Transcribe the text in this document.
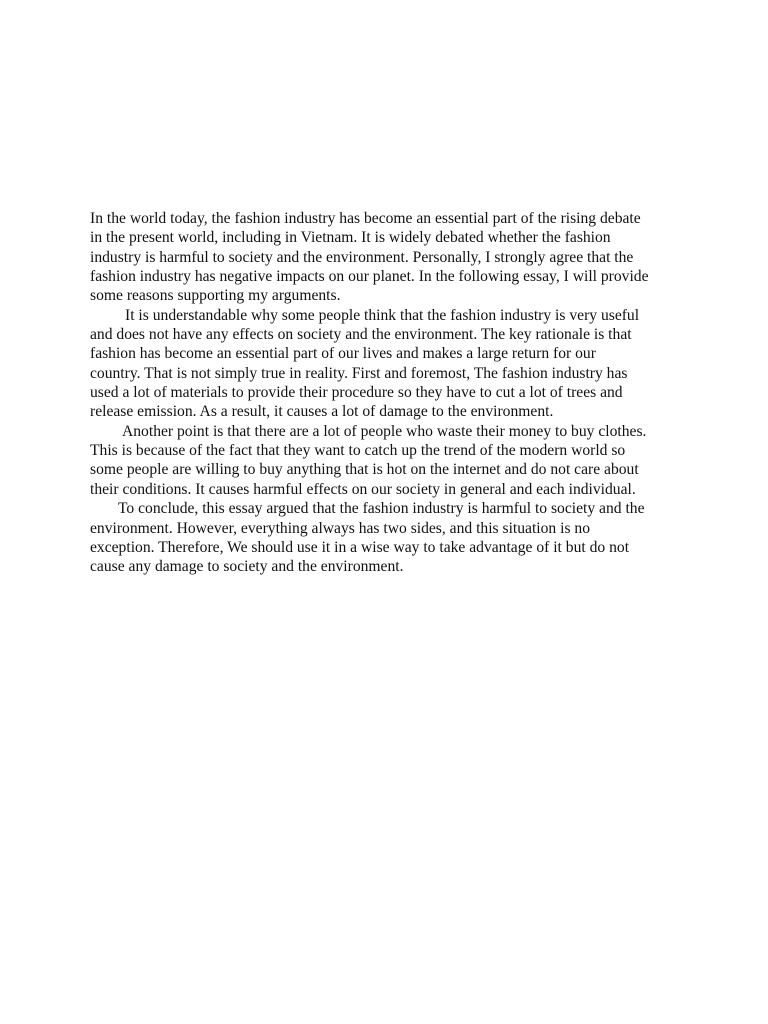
In the world today, the fashion industry has become an essential part of the rising debate
in the present world, including in Vietnam. It is widely debated whether the fashion
industry is harmful to society and the environment. Personally, I strongly agree that the
fashion industry has negative impacts on our planet. In the following essay, I will provide
some reasons supporting my arguments.
It is understandable why some people think that the fashion industry is very useful
and does not have any effects on society and the environment. The key rationale is that
fashion has become an essential part of our lives and makes a large return for our
country. That is not simply true in reality. First and foremost, The fashion industry has
used a lot of materials to provide their procedure so they have to cut a lot of trees and
release emission. As a result, it causes a lot of damage to the environment.
Another point is that there are a lot of people who waste their money to buy clothes.
This is because of the fact that they want to catch up the trend of the modern world so
some people are willing to buy anything that is hot on the internet and do not care about
their conditions. It causes harmful effects on our society in general and each individual.
To conclude, this essay argued that the fashion industry is harmful to society and the
environment. However, everything always has two sides, and this situation is no
exception. Therefore, We should use it in a wise way to take advantage of it but do not
cause any damage to society and the environment.
